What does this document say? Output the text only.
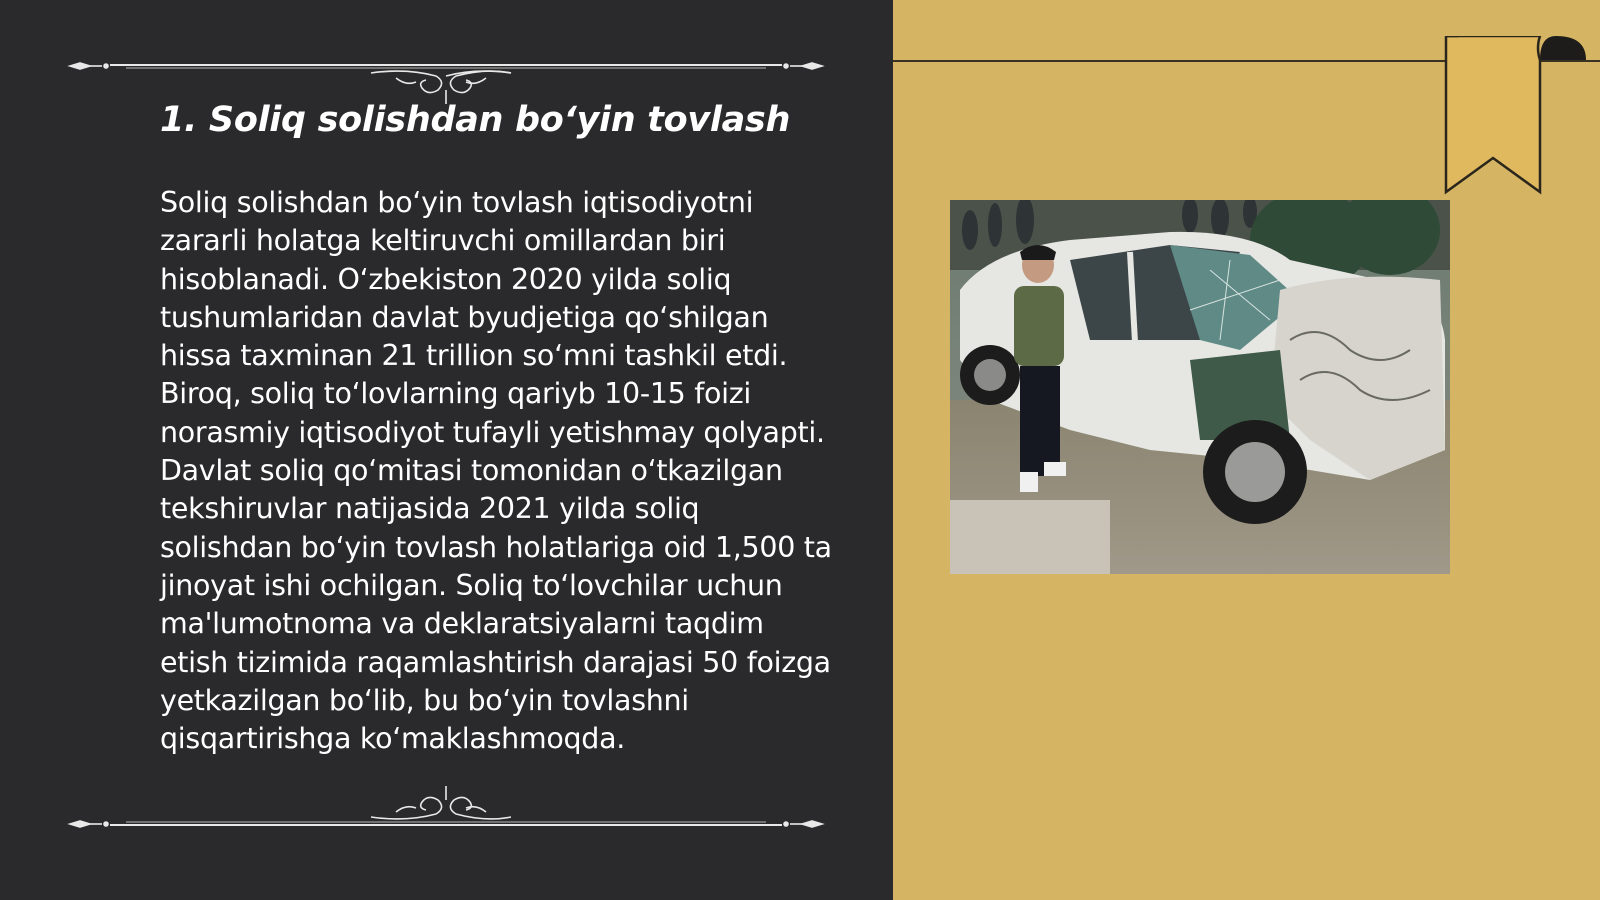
1. Soliq solishdan bo‘yin tovlash

Soliq solishdan bo‘yin tovlash iqtisodiyotni zararli holatga keltiruvchi omillardan biri hisoblanadi. O‘zbekiston 2020 yilda soliq tushumlaridan davlat byudjetiga qo‘shilgan hissa taxminan 21 trillion so‘mni tashkil etdi. Biroq, soliq to‘lovlarning qariyb 10-15 foizi norasmiy iqtisodiyot tufayli yetishmay qolyapti. Davlat soliq qo‘mitasi tomonidan o‘tkazilgan tekshiruvlar natijasida 2021 yilda soliq solishdan bo‘yin tovlash holatlariga oid 1,500 ta jinoyat ishi ochilgan. Soliq to‘lovchilar uchun ma'lumotnoma va deklaratsiyalarni taqdim etish tizimida raqamlashtirish darajasi 50 foizga yetkazilgan bo‘lib, bu bo‘yin tovlashni qisqartirishga ko‘maklashmoqda.
